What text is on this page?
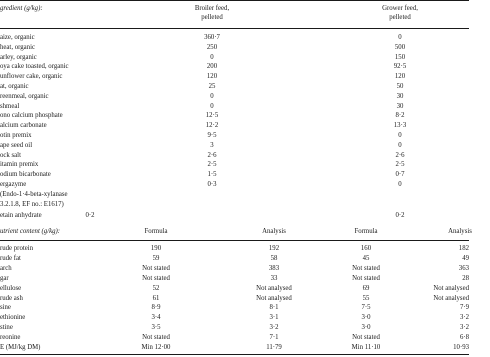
gredient (g/kg):	Broiler feed,
pelleted
Grower feed,
pelleted
aize, organic	360·7	0
heat, organic	250	500
arley, organic	0	150
oya cake toasted, organic	200	92·5
unflower cake, organic	120	120
at, organic	25	50
reenmeal, organic	0	30
shmeal	0	30
ono calcium phosphate	12·5	8·2
alcium carbonate	12·2	13·3
otin premix	9·5	0
ape seed oil	3	0
ock salt	2·6	2·6
itamin premix	2·5	2·5
odium bicarbonate	1·5	0·7
ergazyme	0·3	0
(Endo-1·4-beta-xylanase
3.2.1.8, EF no.: E1617)
etain anhydrate	0·2	0·2
utrient content (g/kg):	Formula	Analysis	Formula	Analysis
rude protein	190	192	160	182
rude fat	59	58	45	49
arch	Not stated	383	Not stated	363
gar	Not stated	33	Not stated	28
ellulose	52	Not analysed	69	Not analysed
rude ash	61	Not analysed	55	Not analysed
sine	8·9	8·1	7·5	7·9
ethionine	3·4	3·1	3·0	3·2
stine	3·5	3·2	3·0	3·2
reonine	Not stated	7·1	Not stated	6·8
E (MJ/kg DM)	Min 12·00	11·79	Min 11·10	10·93
